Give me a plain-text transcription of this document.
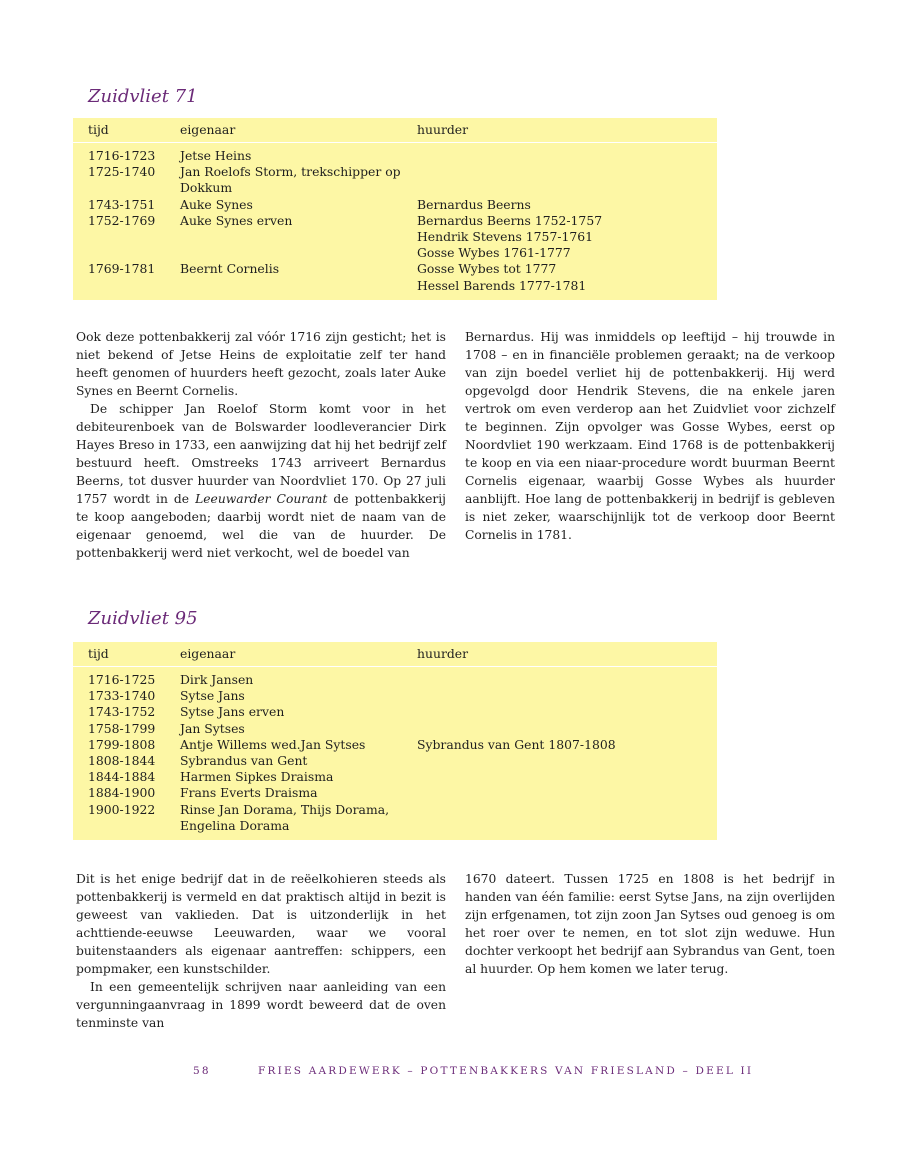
Zuidvliet 71
tijd	eigenaar	huurder
1716-1723	Jetse Heins
1725-1740	Jan Roelofs Storm, trekschipper op Dokkum
1743-1751	Auke Synes	Bernardus Beerns
1752-1769	Auke Synes erven	Bernardus Beerns 1752-1757
Hendrik Stevens 1757-1761
Gosse Wybes 1761-1777
1769-1781	Beernt Cornelis	Gosse Wybes tot 1777
Hessel Barends 1777-1781

Ook deze pottenbakkerij zal vóór 1716 zijn gesticht; het is niet bekend of Jetse Heins de exploitatie zelf ter hand heeft genomen of huurders heeft gezocht, zoals later Auke Synes en Beernt Cornelis.

De schipper Jan Roelof Storm komt voor in het debiteurenboek van de Bolswarder loodleverancier Dirk Hayes Breso in 1733, een aanwijzing dat hij het bedrijf zelf bestuurd heeft. Omstreeks 1743 arriveert Bernardus Beerns, tot dusver huurder van Noordvliet 170. Op 27 juli 1757 wordt in de Leeuwarder Courant de pottenbakkerij te koop aangeboden; daarbij wordt niet de naam van de eigenaar genoemd, wel die van de huurder. De pottenbakkerij werd niet verkocht, wel de boedel van

Bernardus. Hij was inmiddels op leeftijd – hij trouwde in 1708 – en in financiële problemen geraakt; na de verkoop van zijn boedel verliet hij de pottenbakkerij. Hij werd opgevolgd door Hendrik Stevens, die na enkele jaren vertrok om even verderop aan het Zuidvliet voor zichzelf te beginnen. Zijn opvolger was Gosse Wybes, eerst op Noordvliet 190 werkzaam. Eind 1768 is de pottenbakkerij te koop en via een niaar-procedure wordt buurman Beernt Cornelis eigenaar, waarbij Gosse Wybes als huurder aanblijft. Hoe lang de pottenbakkerij in bedrijf is gebleven is niet zeker, waarschijnlijk tot de verkoop door Beernt Cornelis in 1781.

Zuidvliet 95
tijd	eigenaar	huurder
1716-1725	Dirk Jansen
1733-1740	Sytse Jans
1743-1752	Sytse Jans erven
1758-1799	Jan Sytses
1799-1808	Antje Willems wed.Jan Sytses	Sybrandus van Gent 1807-1808
1808-1844	Sybrandus van Gent
1844-1884	Harmen Sipkes Draisma
1884-1900	Frans Everts Draisma
1900-1922	Rinse Jan Dorama, Thijs Dorama, Engelina Dorama

Dit is het enige bedrijf dat in de reëelkohieren steeds als pottenbakkerij is vermeld en dat praktisch altijd in bezit is geweest van vaklieden. Dat is uitzonderlijk in het achttiende-eeuwse Leeuwarden, waar we vooral buitenstaanders als eigenaar aantreffen: schippers, een pompmaker, een kunstschilder.

In een gemeentelijk schrijven naar aanleiding van een vergunningaanvraag in 1899 wordt beweerd dat de oven tenminste van

1670 dateert. Tussen 1725 en 1808 is het bedrijf in handen van één familie: eerst Sytse Jans, na zijn overlijden zijn erfgenamen, tot zijn zoon Jan Sytses oud genoeg is om het roer over te nemen, en tot slot zijn weduwe. Hun dochter verkoopt het bedrijf aan Sybrandus van Gent, toen al huurder. Op hem komen we later terug.

58	FRIES AARDEWERK – POTTENBAKKERS VAN FRIESLAND – DEEL II
